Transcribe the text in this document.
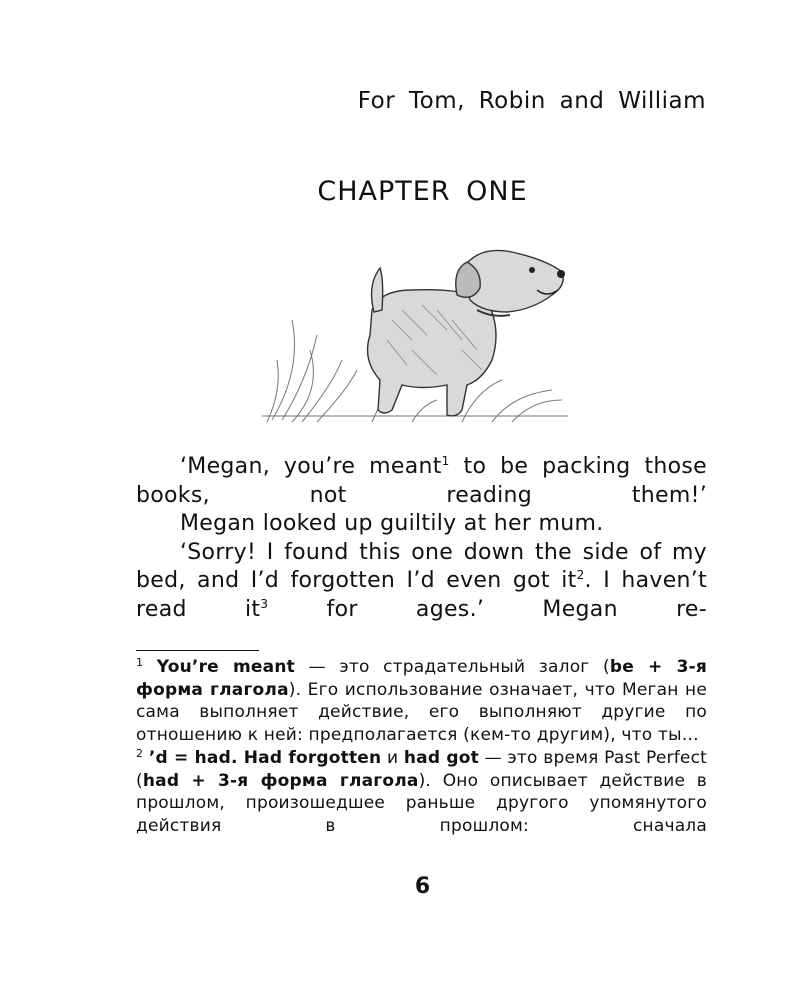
For Tom, Robin and William
CHAPTER ONE

‘Megan, you’re meant$^1$ to be packing those books, not reading them!’

Megan looked up guiltily at her mum.

‘Sorry! I found this one down the side of my bed, and I’d forgotten I’d even got $it^2$. I haven’t read $it^3$ for ages.’ Megan re-

$^1$ You’re meant — это страдательный залог (be + 3-я форма глагола). Его использование означает, что Меган не сама выполняет действие, его выполняют другие по отношению к ней: предполагается (кем-то другим), что ты…

$^2$ ’d = had. Had forgotten и had got — это время Past Perfect (had + 3-я форма глагола). Оно описывает действие в прошлом, произошедшее раньше другого упомянутого действия в прошлом: сначала

6
